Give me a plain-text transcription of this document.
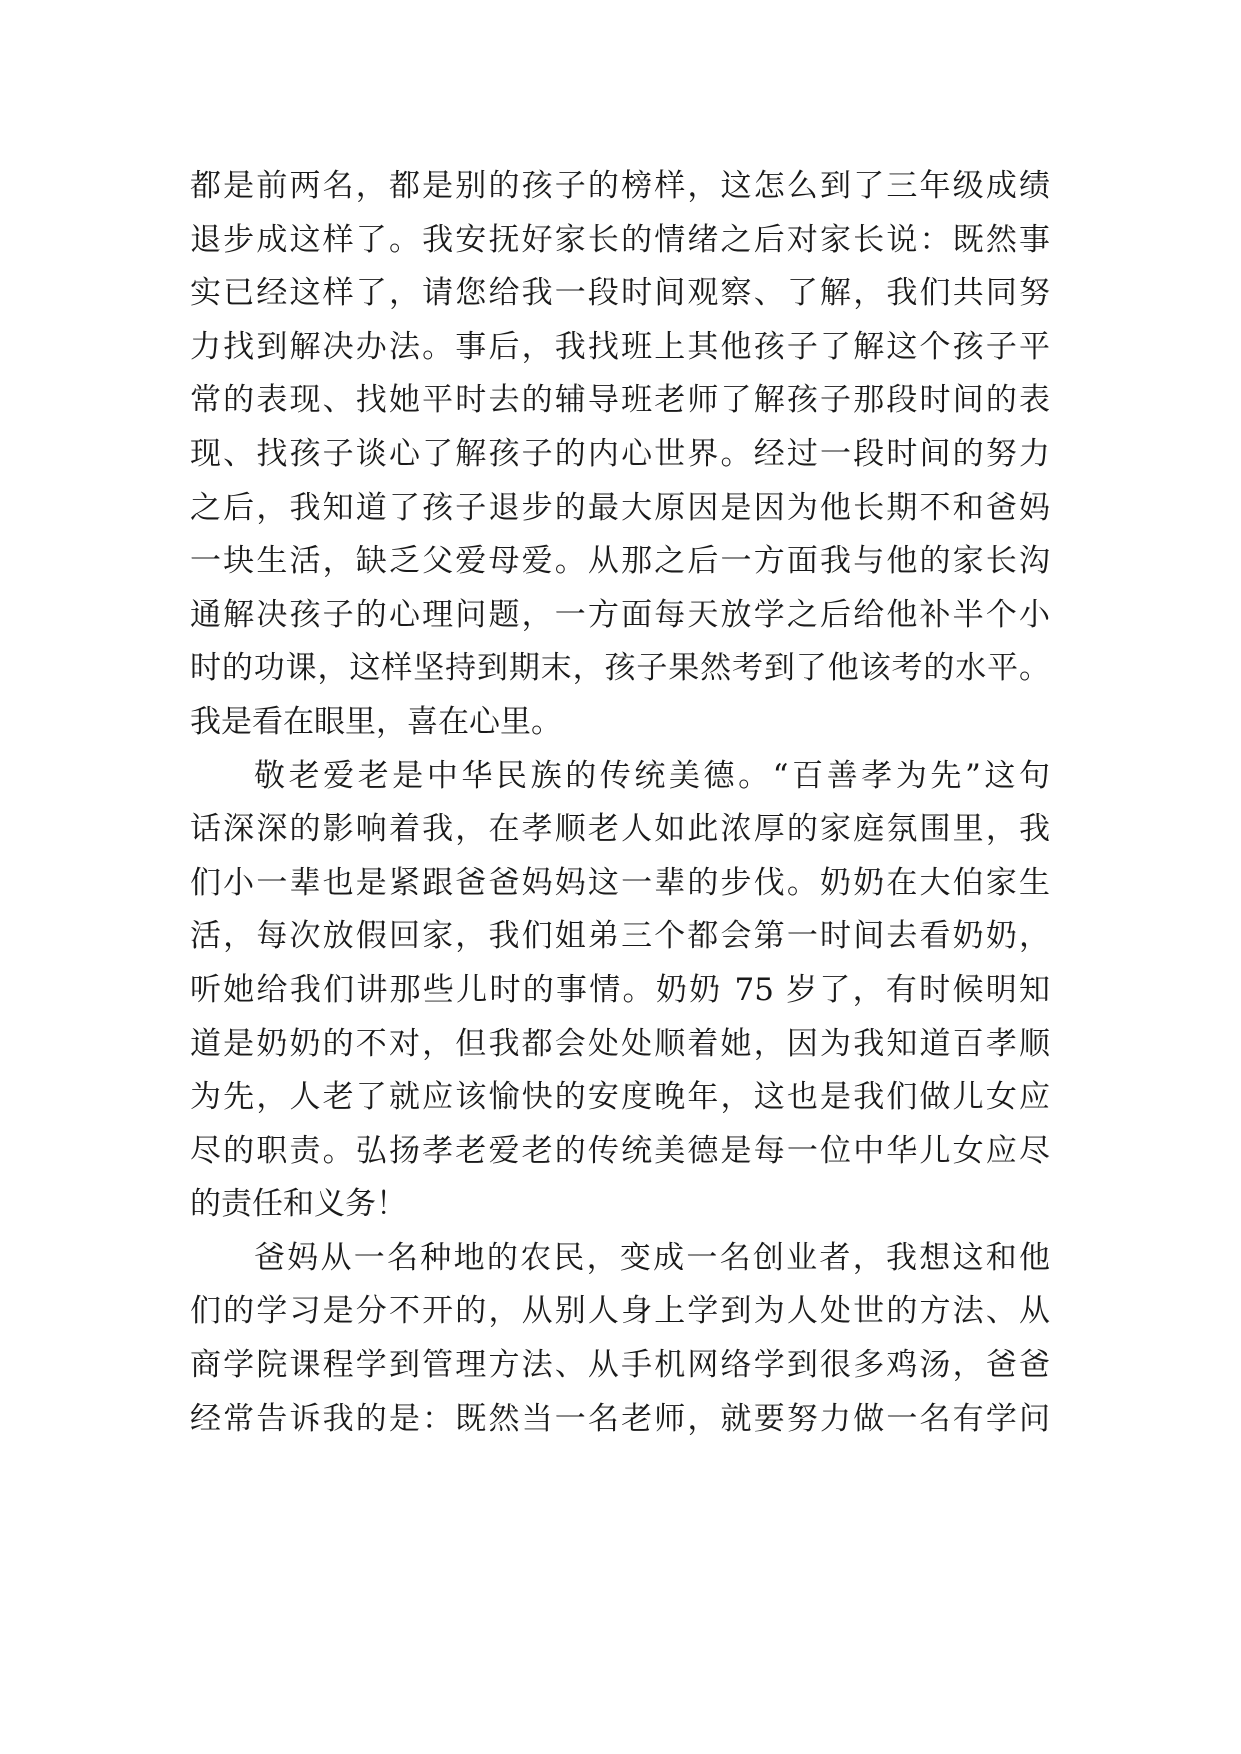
都是前两名，都是别的孩子的榜样，这怎么到了三年级成绩
退步成这样了。我安抚好家长的情绪之后对家长说：既然事
实已经这样了，请您给我一段时间观察、了解，我们共同努
力找到解决办法。事后，我找班上其他孩子了解这个孩子平
常的表现、找她平时去的辅导班老师了解孩子那段时间的表
现、找孩子谈心了解孩子的内心世界。经过一段时间的努力
之后，我知道了孩子退步的最大原因是因为他长期不和爸妈
一块生活，缺乏父爱母爱。从那之后一方面我与他的家长沟
通解决孩子的心理问题，一方面每天放学之后给他补半个小
时的功课，这样坚持到期末，孩子果然考到了他该考的水平。
我是看在眼里，喜在心里。
敬老爱老是中华民族的传统美德。“百善孝为先”这句
话深深的影响着我，在孝顺老人如此浓厚的家庭氛围里，我
们小一辈也是紧跟爸爸妈妈这一辈的步伐。奶奶在大伯家生
活，每次放假回家，我们姐弟三个都会第一时间去看奶奶，
听她给我们讲那些儿时的事情。奶奶 75 岁了，有时候明知
道是奶奶的不对，但我都会处处顺着她，因为我知道百孝顺
为先，人老了就应该愉快的安度晚年，这也是我们做儿女应
尽的职责。弘扬孝老爱老的传统美德是每一位中华儿女应尽
的责任和义务！
爸妈从一名种地的农民，变成一名创业者，我想这和他
们的学习是分不开的，从别人身上学到为人处世的方法、从
商学院课程学到管理方法、从手机网络学到很多鸡汤，爸爸
经常告诉我的是：既然当一名老师，就要努力做一名有学问
